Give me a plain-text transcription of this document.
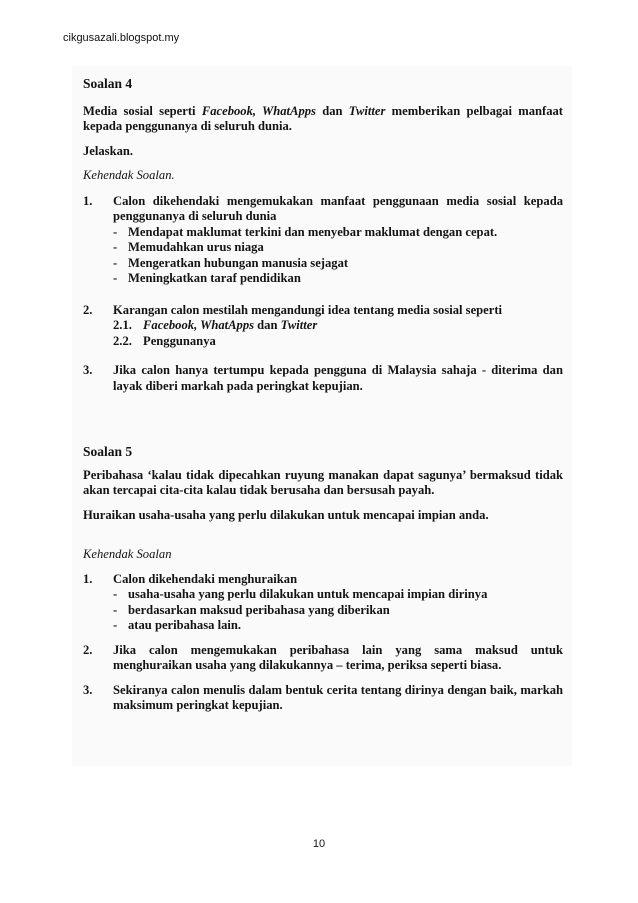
cikgusazali.blogspot.my
Soalan 4

Media sosial seperti Facebook, WhatApps dan Twitter memberikan pelbagai manfaat kepada penggunanya di seluruh dunia.

Jelaskan.

Kehendak Soalan.

1.	Calon dikehendaki mengemukakan manfaat penggunaan media sosial kepada penggunanya di seluruh dunia

- Mendapat maklumat terkini dan menyebar maklumat dengan cepat.
- Memudahkan urus niaga
- Mengeratkan hubungan manusia sejagat
- Meningkatkan taraf pendidikan
2.	Karangan calon mestilah mengandungi idea tentang media sosial seperti

2.1. Facebook, WhatApps dan Twitter
2.2. Penggunanya
3.	Jika calon hanya tertumpu kepada pengguna di Malaysia sahaja - diterima dan layak diberi markah pada peringkat kepujian.

Soalan 5

Peribahasa ‘kalau tidak dipecahkan ruyung manakan dapat sagunya’ bermaksud tidak akan tercapai cita-cita kalau tidak berusaha dan bersusah payah.

Huraikan usaha-usaha yang perlu dilakukan untuk mencapai impian anda.

Kehendak Soalan

1.	Calon dikehendaki menghuraikan

- usaha-usaha yang perlu dilakukan untuk mencapai impian dirinya
- berdasarkan maksud peribahasa yang diberikan
- atau peribahasa lain.
2.	Jika calon mengemukakan peribahasa lain yang sama maksud untuk menghuraikan usaha yang dilakukannya – terima, periksa seperti biasa.

3.	Sekiranya calon menulis dalam bentuk cerita tentang dirinya dengan baik, markah maksimum peringkat kepujian.

10
